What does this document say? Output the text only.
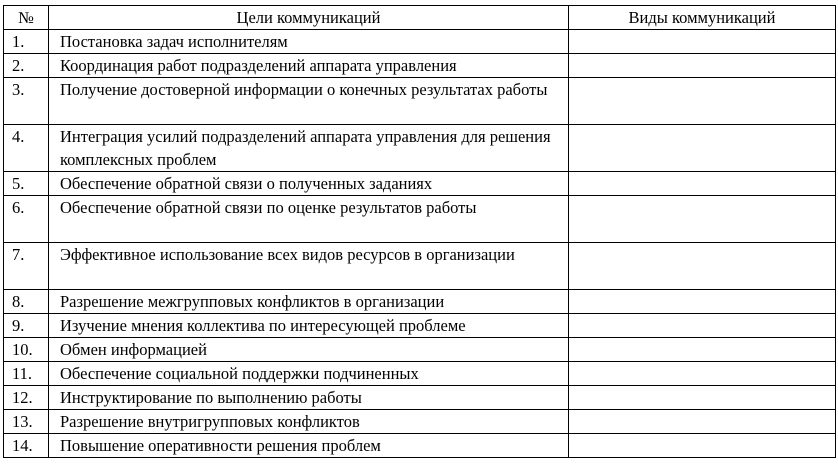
№	Цели коммуникаций	Виды коммуникаций
1.	Постановка задач исполнителям	
2.	Координация работ подразделений аппарата управления	
3.	Получение достоверной информации о конечных результатах работы	
4.	Интеграция усилий подразделений аппарата управления для решения комплексных проблем	
5.	Обеспечение обратной связи о полученных заданиях	
6.	Обеспечение обратной связи по оценке результатов работы	
7.	Эффективное использование всех видов ресурсов в организации	
8.	Разрешение межгрупповых конфликтов в организации	
9.	Изучение мнения коллектива по интересующей проблеме	
10.	Обмен информацией	
11.	Обеспечение социальной поддержки подчиненных	
12.	Инструктирование по выполнению работы	
13.	Разрешение внутригрупповых конфликтов	
14.	Повышение оперативности решения проблем	
